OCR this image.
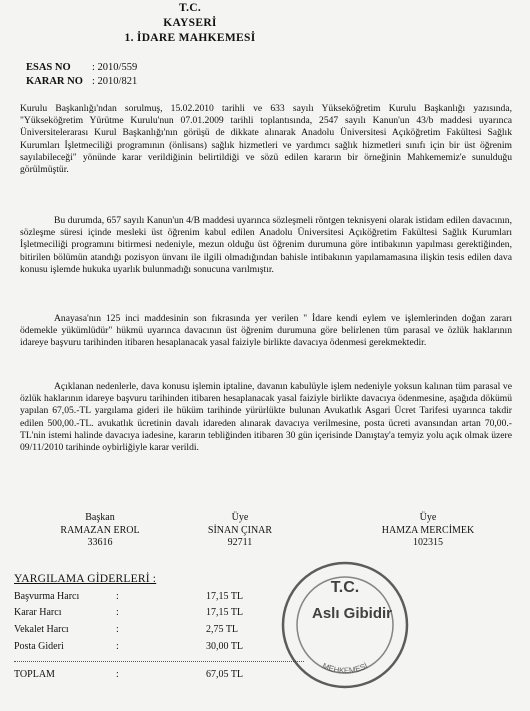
T.C.
KAYSERİ
1. İDARE MAHKEMESİ
ESAS NO : 2010/559
KARAR NO : 2010/821
Kurulu Başkanlığı'ndan sorulmuş, 15.02.2010 tarihli ve 633 sayılı Yükseköğretim Kurulu Başkanlığı yazısında, "Yükseköğretim Yürütme Kurulu'nun 07.01.2009 tarihli toplantısında, 2547 sayılı Kanun'un 43/b maddesi uyarınca Üniversitelerarası Kurul Başkanlığı'nın görüşü de dikkate alınarak Anadolu Üniversitesi Açıköğretim Fakültesi Sağlık Kurumları İşletmeciliği programının (önlisans) sağlık hizmetleri ve yardımcı sağlık hizmetleri sınıfı için bir üst öğrenim sayılabileceği" yönünde karar verildiğinin belirtildiği ve sözü edilen kararın bir örneğinin Mahkememiz'e sunulduğu görülmüştür.
Bu durumda, 657 sayılı Kanun'un 4/B maddesi uyarınca sözleşmeli röntgen teknisyeni olarak istidam edilen davacının, sözleşme süresi içinde mesleki üst öğrenim kabul edilen Anadolu Üniversitesi Açıköğretim Fakültesi Sağlık Kurumları İşletmeciliği programını bitirmesi nedeniyle, mezun olduğu üst öğrenim durumuna göre intibakının yapılması gerektiğinden, bitirilen bölümün atandığı pozisyon ünvanı ile ilgili olmadığından bahisle intibakının yapılamamasına ilişkin tesis edilen dava konusu işlemde hukuka uyarlık bulunmadığı sonucuna varılmıştır.
Anayasa'nın 125 inci maddesinin son fıkrasında yer verilen " İdare kendi eylem ve işlemlerinden doğan zararı ödemekle yükümlüdür" hükmü uyarınca davacının üst öğrenim durumuna göre belirlenen tüm parasal ve özlük haklarının idareye başvuru tarihinden itibaren hesaplanacak yasal faiziyle birlikte davacıya ödenmesi gerekmektedir.
Açıklanan nedenlerle, dava konusu işlemin iptaline, davanın kabulüyle işlem nedeniyle yoksun kalınan tüm parasal ve özlük haklarının idareye başvuru tarihinden itibaren hesaplanacak yasal faiziyle birlikte davacıya ödenmesine, aşağıda dökümü yapılan 67,05.-TL yargılama gideri ile hüküm tarihinde yürürlükte bulunan Avukatlık Asgari Ücret Tarifesi uyarınca takdir edilen 500,00.-TL. avukatlık ücretinin davalı idareden alınarak davacıya verilmesine, posta ücreti avansından artan 70,00.-TL'nin istemi halinde davacıya iadesine, kararın tebliğinden itibaren 30 gün içerisinde Danıştay'a temyiz yolu açık olmak üzere 09/11/2010 tarihinde oybirliğiyle karar verildi.
Başkan
RAMAZAN EROL
33616
Üye
SİNAN ÇINAR
92711
Üye
HAMZA MERCİMEK
102315
YARGILAMA GİDERLERİ :
Başvurma Harcı	:	17,15 TL
Karar Harcı	:	17,15 TL
Vekalet Harcı	:	2,75 TL
Posta Gideri	:	30,00 TL
TOPLAM	:	67,05 TL
T.C.
Aslı Gibidir
MEHKEMESİ
